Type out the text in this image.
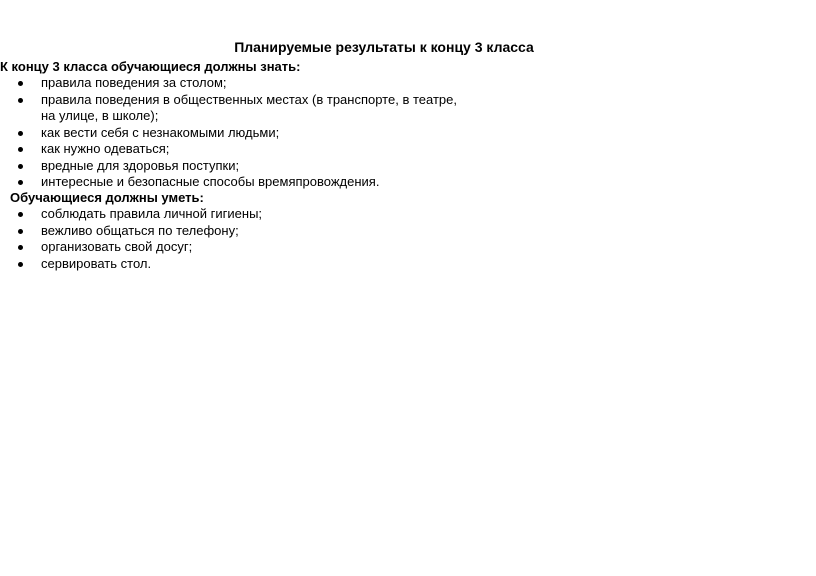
Планируемые результаты к концу 3 класса
К концу 3 класса обучающиеся должны знать:
правила поведения за столом;
правила поведения в общественных местах (в транспорте, в театре, на улице, в школе);
как вести себя с незнакомыми людьми;
как нужно одеваться;
вредные для здоровья поступки;
интересные и безопасные способы времяпровождения.
Обучающиеся должны уметь:
соблюдать правила личной гигиены;
вежливо общаться по телефону;
организовать свой досуг;
сервировать стол.
